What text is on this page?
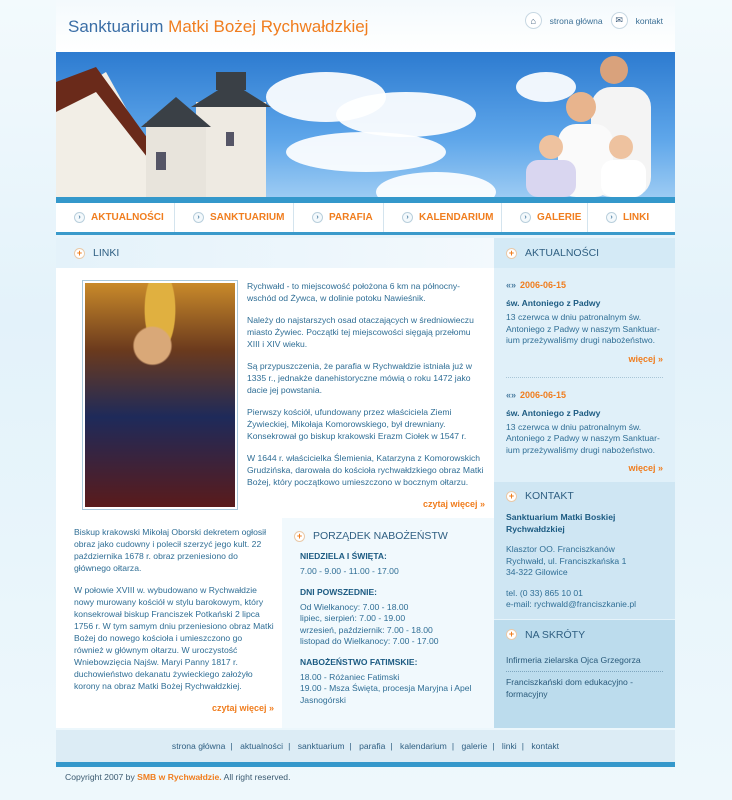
Sanktuarium Matki Bożej Rychwałdzkiej	⌂	strona główna	✉	kontakt
›	AKTUALNOŚCI	›	SANKTUARIUM	›	PARAFIA	›	KALENDARIUM	›	GALERIE	›	LINKI
+ LINKI

Rychwałd - to miejscowość położona 6 km na północny-wschód od Żywca, w dolinie potoku Nawieśnik.

Należy do najstarszych osad otaczających w średniowieczu miasto Żywiec. Początki tej miejscowości sięgają przełomu XIII i XIV wieku.

Są przypuszczenia, że parafia w Rychwałdzie istniała już w 1335 r., jednakże danehistoryczne mówią o roku 1472 jako dacie jej powstania.

Pierwszy kościół, ufundowany przez właściciela Ziemi Żywieckiej, Mikołaja Komorowskiego, był drewniany. Konsekrował go biskup krakowski Erazm Ciołek w 1547 r.

W 1644 r. właścicielka Ślemienia, Katarzyna z Komorowskich Grudzińska, darowała do kościoła rychwałdzkiego obraz Matki Bożej, który początkowo umieszczono w bocznym ołtarzu.

czytaj więcej »

Biskup krakowski Mikołaj Oborski dekretem ogłosił obraz jako cudowny i polecił szerzyć jego kult. 22 października 1678 r. obraz przeniesiono do głównego ołtarza.

W połowie XVIII w. wybudowano w Rychwałdzie nowy murowany kościół w stylu barokowym, który konsekrował biskup Franciszek Potkański 2 lipca 1756 r. W tym samym dniu przeniesiono obraz Matki Bożej do nowego kościoła i umieszczono go również w głównym ołtarzu. W uroczystość Wniebowzięcia Najśw. Maryi Panny 1817 r. duchowieństwo dekanatu żywieckiego założyło korony na obraz Matki Bożej Rychwałdzkiej.

czytaj więcej »
+ PORZĄDEK NABOŻEŃSTW
NIEDZIELA I ŚWIĘTA:
7.00 - 9.00 - 11.00 - 17.00
DNI POWSZEDNIE:
Od Wielkanocy: 7.00 - 18.00
lipiec, sierpień: 7.00 - 19.00
wrzesień, październik: 7.00 - 18.00
listopad do Wielkanocy: 7.00 - 17.00
NABOŻEŃSTWO FATIMSKIE:
18.00 - Różaniec Fatimski
19.00 - Msza Święta, procesja Maryjna i Apel Jasnogórski
+ AKTUALNOŚCI
«» 2006-06-15
św. Antoniego z Padwy
13 czerwca w dniu patronalnym św. Antoniego z Padwy w naszym Sanktuar-ium przeżywaliśmy drugi nabożeństwo.
więcej »
«» 2006-06-15
św. Antoniego z Padwy
13 czerwca w dniu patronalnym św. Antoniego z Padwy w naszym Sanktuar-ium przeżywaliśmy drugi nabożeństwo.
więcej »
+ KONTAKT
Sanktuarium Matki Boskiej Rychwałdzkiej
Klasztor OO. Franciszkanów
Rychwałd, ul. Franciszkańska 1
34-322 Gilowice
tel. (0 33) 865 10 01
e-mail: rychwald@franciszkanie.pl
+ NA SKRÓTY
Infirmeria zielarska Ojca Grzegorza
Franciszkański dom edukacyjno - formacyjny
strona główna | aktualności | sanktuarium | parafia | kalendarium | galerie | linki | kontakt
Copyright 2007 by SMB w Rychwałdzie. All right reserved.
